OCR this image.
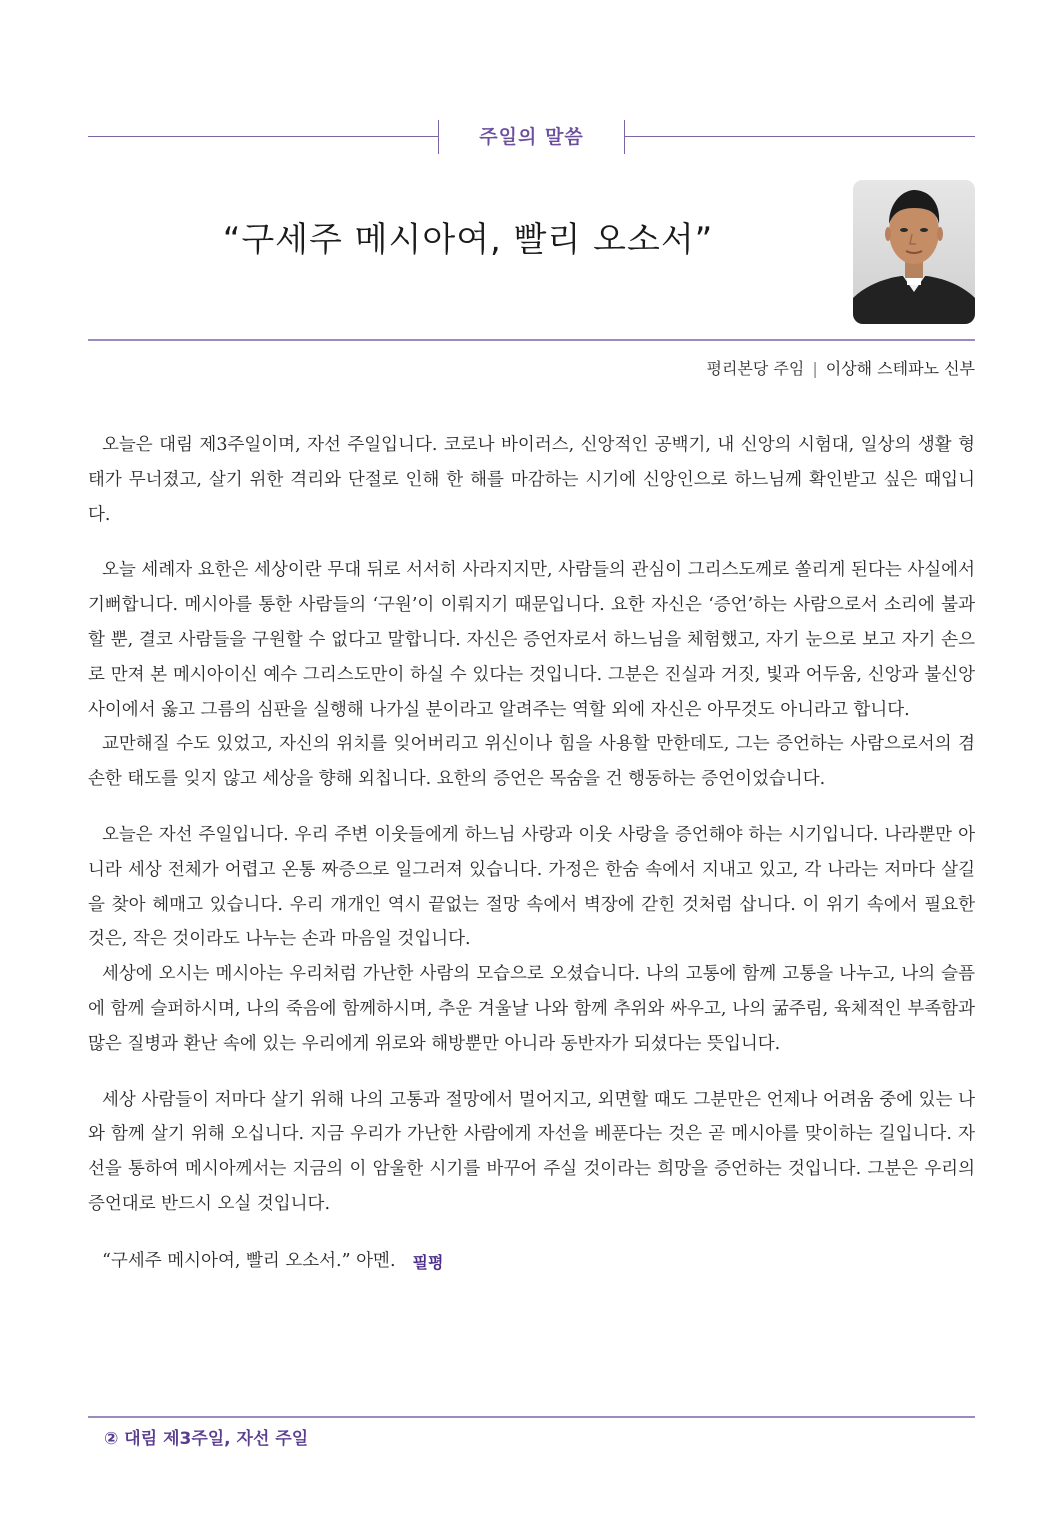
주일의 말씀
“구세주 메시아여, 빨리 오소서”
평리본당 주임 | 이상해 스테파노 신부

오늘은 대림 제3주일이며, 자선 주일입니다. 코로나 바이러스, 신앙적인 공백기, 내 신앙의 시험대, 일상의 생활 형태가 무너졌고, 살기 위한 격리와 단절로 인해 한 해를 마감하는 시기에 신앙인으로 하느님께 확인받고 싶은 때입니다.

오늘 세례자 요한은 세상이란 무대 뒤로 서서히 사라지지만, 사람들의 관심이 그리스도께로 쏠리게 된다는 사실에서 기뻐합니다. 메시아를 통한 사람들의 ‘구원’이 이뤄지기 때문입니다. 요한 자신은 ‘증언’하는 사람으로서 소리에 불과할 뿐, 결코 사람들을 구원할 수 없다고 말합니다. 자신은 증언자로서 하느님을 체험했고, 자기 눈으로 보고 자기 손으로 만져 본 메시아이신 예수 그리스도만이 하실 수 있다는 것입니다. 그분은 진실과 거짓, 빛과 어두움, 신앙과 불신앙 사이에서 옳고 그름의 심판을 실행해 나가실 분이라고 알려주는 역할 외에 자신은 아무것도 아니라고 합니다.

교만해질 수도 있었고, 자신의 위치를 잊어버리고 위신이나 힘을 사용할 만한데도, 그는 증언하는 사람으로서의 겸손한 태도를 잊지 않고 세상을 향해 외칩니다. 요한의 증언은 목숨을 건 행동하는 증언이었습니다.

오늘은 자선 주일입니다. 우리 주변 이웃들에게 하느님 사랑과 이웃 사랑을 증언해야 하는 시기입니다. 나라뿐만 아니라 세상 전체가 어렵고 온통 짜증으로 일그러져 있습니다. 가정은 한숨 속에서 지내고 있고, 각 나라는 저마다 살길을 찾아 헤매고 있습니다. 우리 개개인 역시 끝없는 절망 속에서 벽장에 갇힌 것처럼 삽니다. 이 위기 속에서 필요한 것은, 작은 것이라도 나누는 손과 마음일 것입니다.

세상에 오시는 메시아는 우리처럼 가난한 사람의 모습으로 오셨습니다. 나의 고통에 함께 고통을 나누고, 나의 슬픔에 함께 슬퍼하시며, 나의 죽음에 함께하시며, 추운 겨울날 나와 함께 추위와 싸우고, 나의 굶주림, 육체적인 부족함과 많은 질병과 환난 속에 있는 우리에게 위로와 해방뿐만 아니라 동반자가 되셨다는 뜻입니다.

세상 사람들이 저마다 살기 위해 나의 고통과 절망에서 멀어지고, 외면할 때도 그분만은 언제나 어려움 중에 있는 나와 함께 살기 위해 오십니다. 지금 우리가 가난한 사람에게 자선을 베푼다는 것은 곧 메시아를 맞이하는 길입니다. 자선을 통하여 메시아께서는 지금의 이 암울한 시기를 바꾸어 주실 것이라는 희망을 증언하는 것입니다. 그분은 우리의 증언대로 반드시 오실 것입니다.

“구세주 메시아여, 빨리 오소서.” 아멘. 필평

② 대림 제3주일, 자선 주일
